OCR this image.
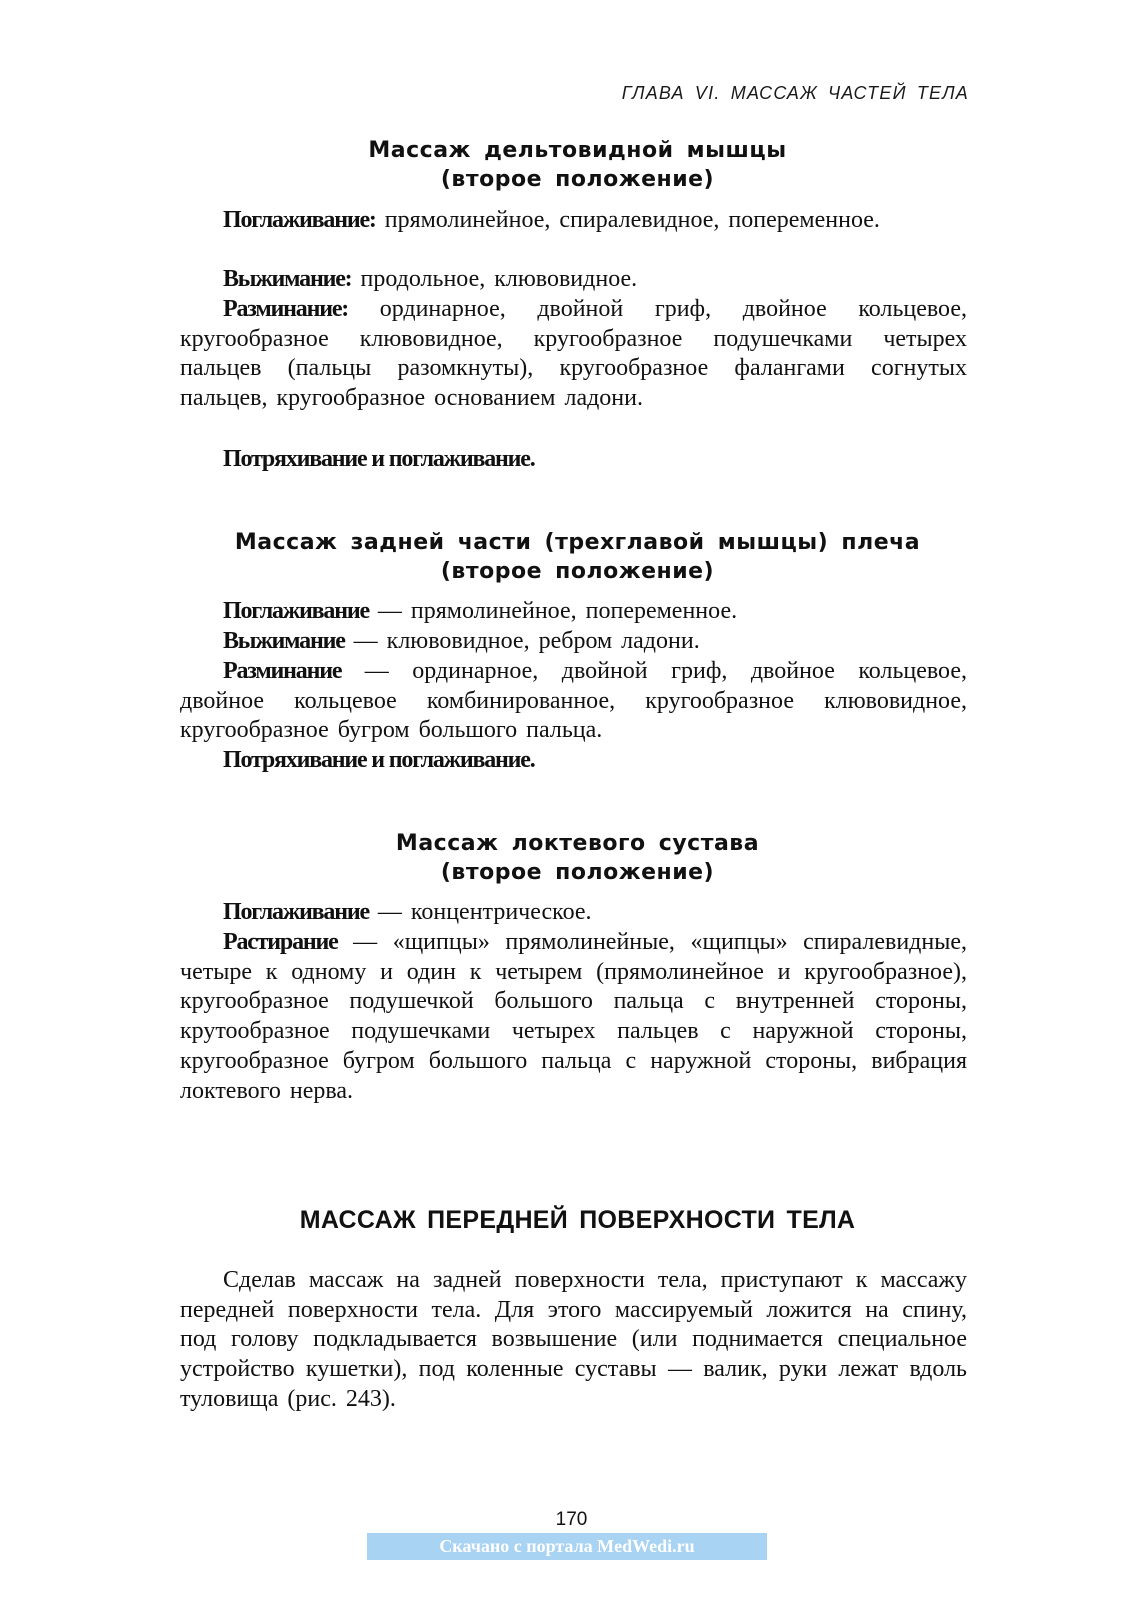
ГЛАВА VI. МАССАЖ ЧАСТЕЙ ТЕЛА
Массаж дельтовидной мышцы
(второе положение)

Поглаживание: прямолинейное, спиралевидное, попеременное.

Выжимание: продольное, клювовидное.

Разминание: ординарное, двойной гриф, двойное кольцевое, кругообразное клювовидное, кругообразное подушечками четырех пальцев (пальцы разомкнуты), кругообразное фалангами согнутых пальцев, кругообразное основанием ладони.

Потряхивание и поглаживание.

Массаж задней части (трехглавой мышцы) плеча
(второе положение)

Поглаживание — прямолинейное, попеременное.

Выжимание — клювовидное, ребром ладони.

Разминание — ординарное, двойной гриф, двойное кольцевое, двойное кольцевое комбинированное, кругообразное клювовидное, кругообразное бугром большого пальца.

Потряхивание и поглаживание.

Массаж локтевого сустава
(второе положение)

Поглаживание — концентрическое.

Растирание — «щипцы» прямолинейные, «щипцы» спиралевидные, четыре к одному и один к четырем (прямолинейное и кругообразное), кругообразное подушечкой большого пальца с внутренней стороны, крутообразное подушечками четырех пальцев с наружной стороны, кругообразное бугром большого пальца с наружной стороны, вибрация локтевого нерва.

МАССАЖ ПЕРЕДНЕЙ ПОВЕРХНОСТИ ТЕЛА

Сделав массаж на задней поверхности тела, приступают к массажу передней поверхности тела. Для этого массируемый ложится на спину, под голову подкладывается возвышение (или поднимается специальное устройство кушетки), под коленные суставы — валик, руки лежат вдоль туловища (рис. 243).

170
Скачано с портала MedWedi.ru
